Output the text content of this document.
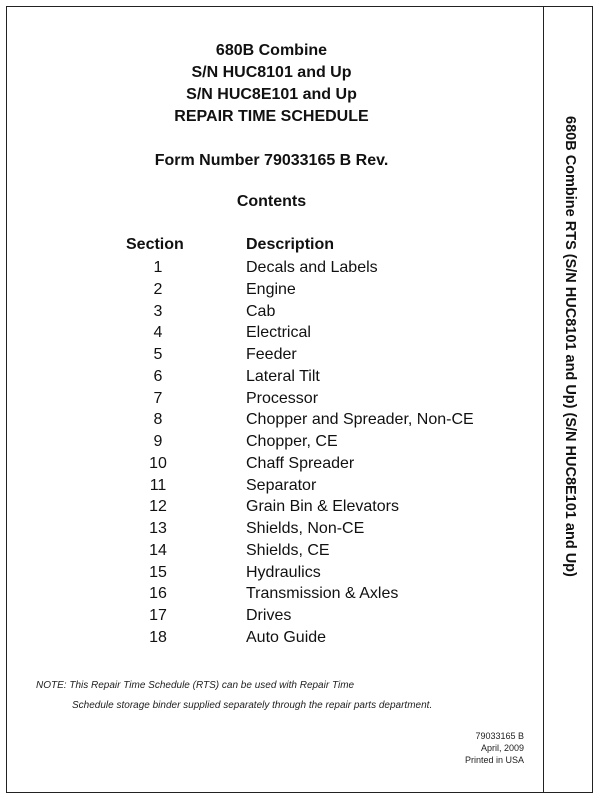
680B Combine
S/N HUC8101 and Up
S/N HUC8E101 and Up
REPAIR TIME SCHEDULE
Form Number 79033165 B Rev.
Contents
Section	Description
1	Decals and Labels
2	Engine
3	Cab
4	Electrical
5	Feeder
6	Lateral Tilt
7	Processor
8	Chopper and Spreader, Non-CE
9	Chopper, CE
10	Chaff Spreader
11	Separator
12	Grain Bin & Elevators
13	Shields, Non-CE
14	Shields, CE
15	Hydraulics
16	Transmission & Axles
17	Drives
18	Auto Guide
NOTE: This Repair Time Schedule (RTS) can be used with Repair Time
Schedule storage binder supplied separately through the repair parts department.
79033165 B
April, 2009
Printed in USA
680B Combine RTS (S/N HUC8101 and Up) (S/N HUC8E101 and Up)
